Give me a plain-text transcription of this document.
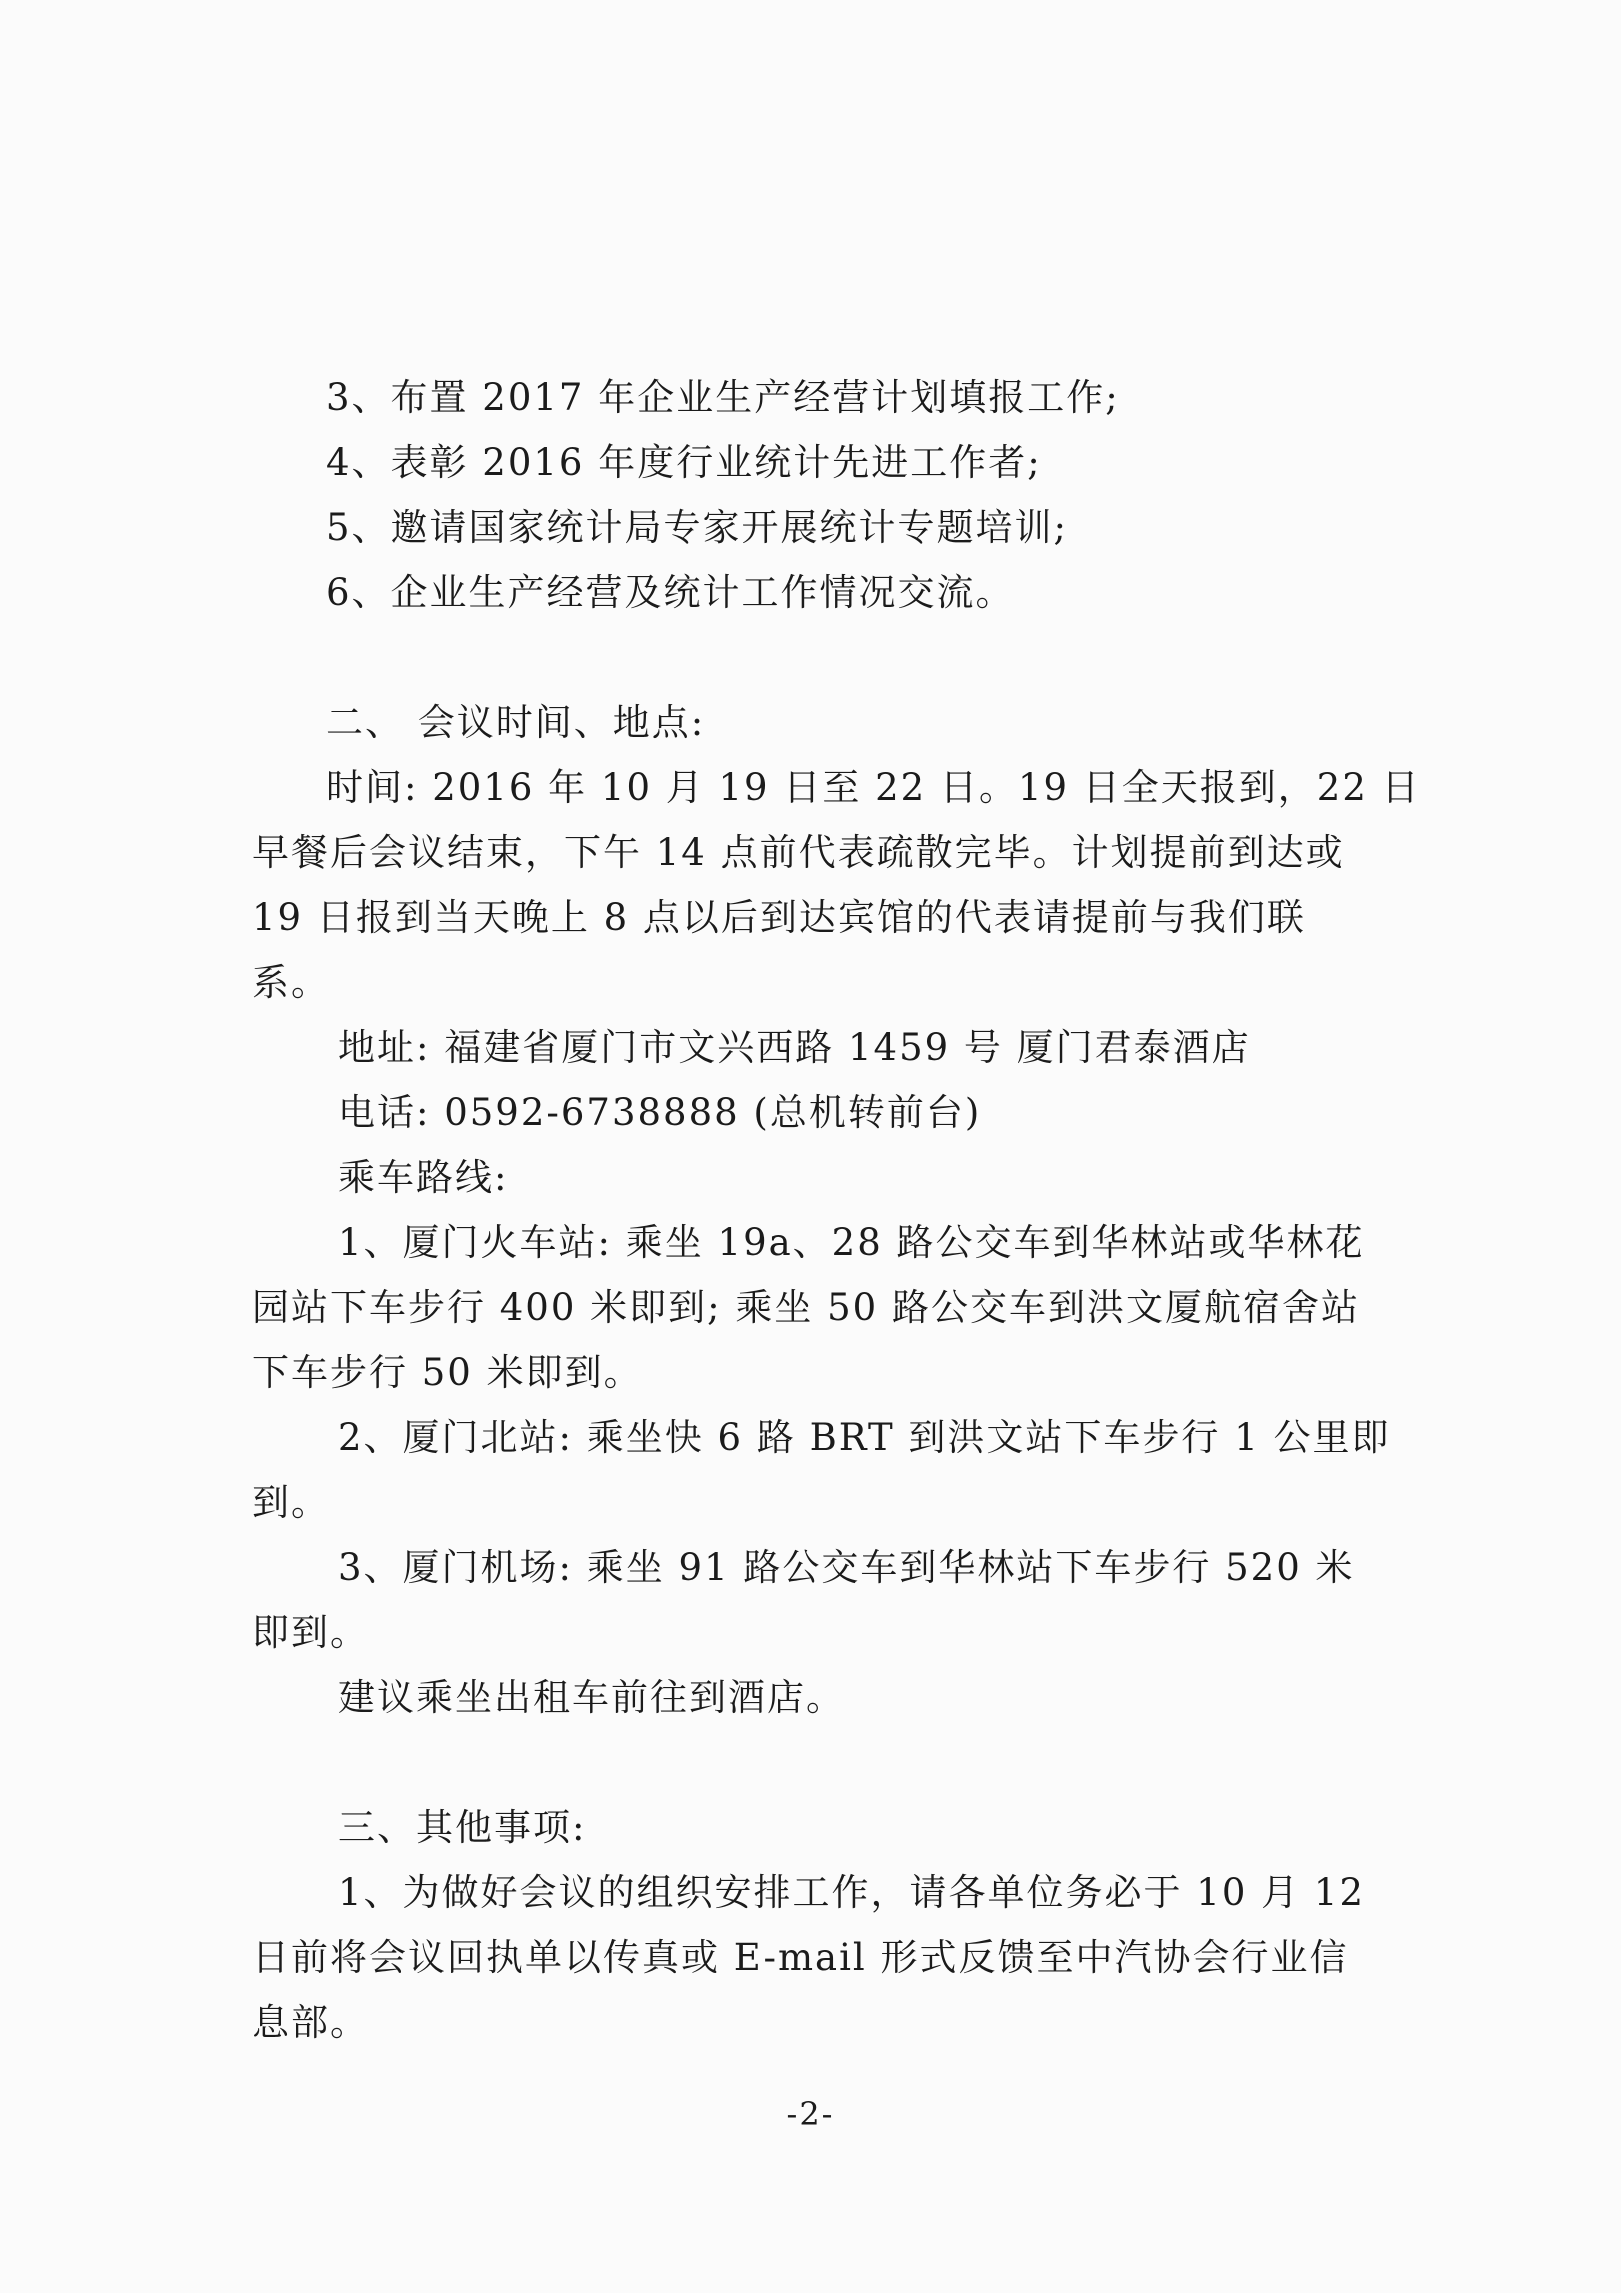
3、布置 2017 年企业生产经营计划填报工作;
4、表彰 2016 年度行业统计先进工作者;
5、邀请国家统计局专家开展统计专题培训;
6、企业生产经营及统计工作情况交流。
二、 会议时间、地点:
时间: 2016 年 10 月 19 日至 22 日。19 日全天报到，22 日
早餐后会议结束，下午 14 点前代表疏散完毕。计划提前到达或
19 日报到当天晚上 8 点以后到达宾馆的代表请提前与我们联
系。
地址: 福建省厦门市文兴西路 1459 号 厦门君泰酒店
电话: 0592-6738888 (总机转前台)
乘车路线:
1、厦门火车站: 乘坐 19a、28 路公交车到华林站或华林花
园站下车步行 400 米即到; 乘坐 50 路公交车到洪文厦航宿舍站
下车步行 50 米即到。
2、厦门北站: 乘坐快 6 路 BRT 到洪文站下车步行 1 公里即
到。
3、厦门机场: 乘坐 91 路公交车到华林站下车步行 520 米
即到。
建议乘坐出租车前往到酒店。
三、其他事项:
1、为做好会议的组织安排工作，请各单位务必于 10 月 12
日前将会议回执单以传真或 E-mail 形式反馈至中汽协会行业信
息部。
-2-
